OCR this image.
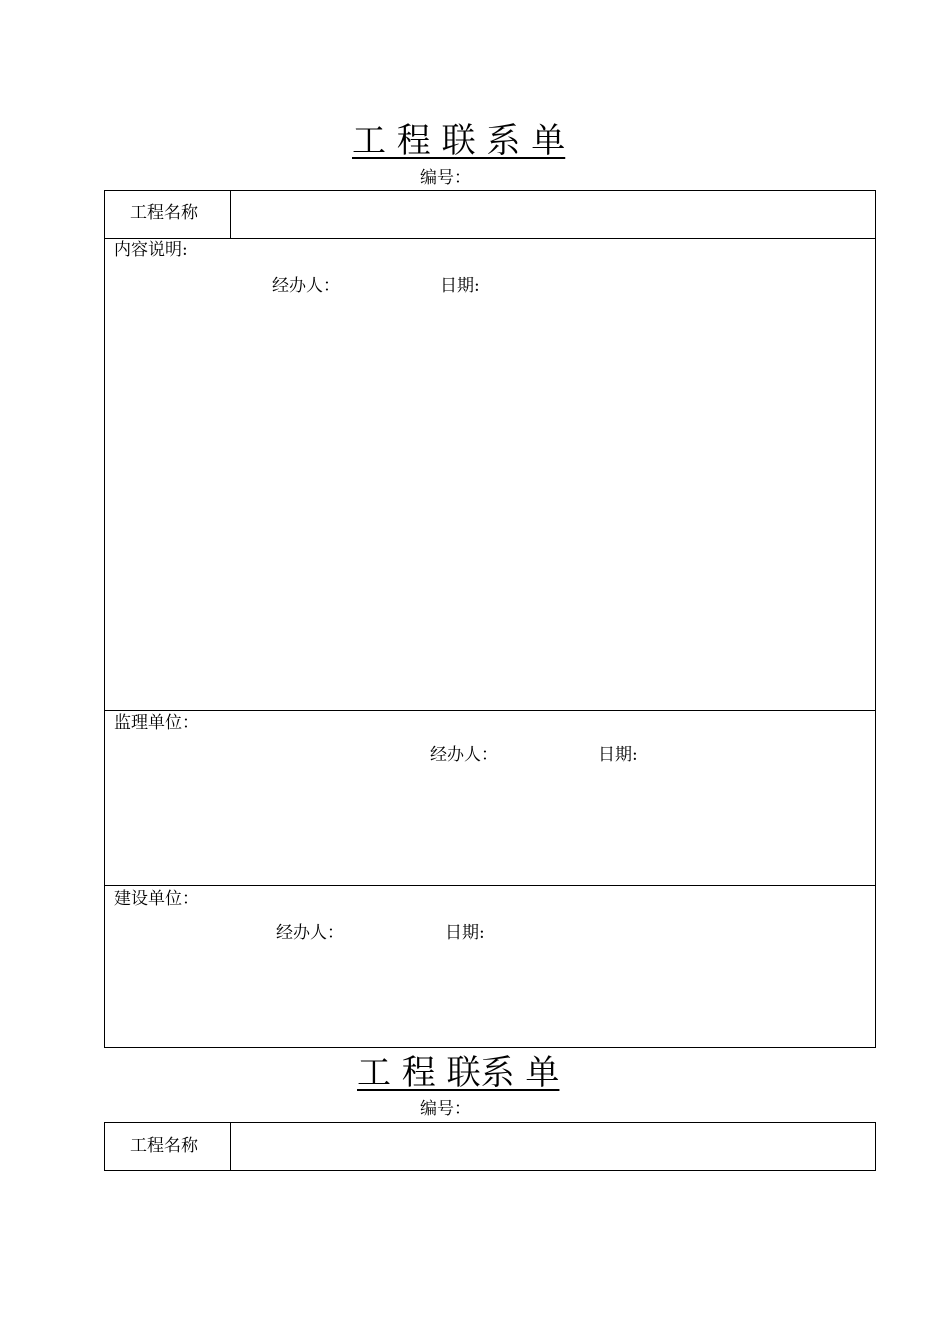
工 程 联 系 单
编号：
工程名称
内容说明:
经办人：	日期:
监理单位：
经办人：	日期:
建设单位：
经办人：	日期:
工 程 联系 单
编号：
工程名称
